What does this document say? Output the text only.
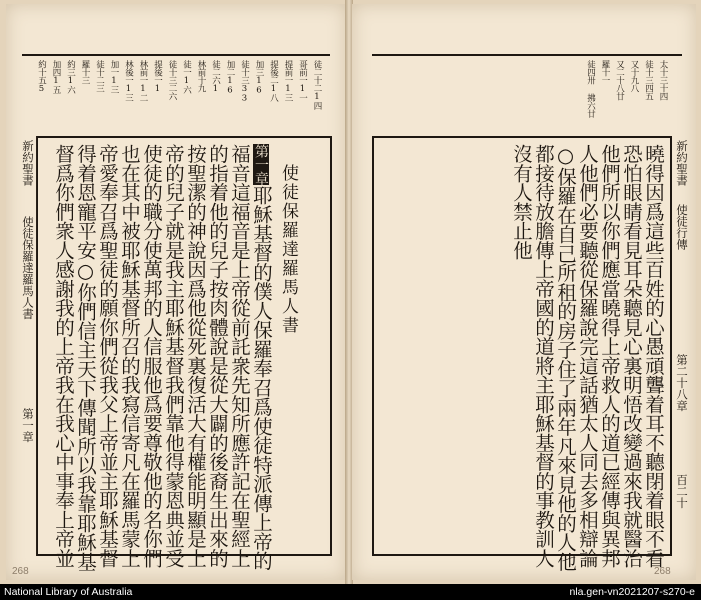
徒二十二1四
哥前一1一
提前一1三
提後二1八
加三16
徒十三33
加二16
徒二六1
林前十九
徒一1六
徒十三二六
提後一1
林前一1二
林後一1三
加一1三
徒十二三
羅十三
約三1六
加四1五
約十五5
使徒保羅達羅馬人書
第一章耶穌基督的僕人保羅奉召爲使徒特派傳上帝的
福音這福音是上帝從前託衆先知所應許記在聖經上
的指着他的兒子按肉體說是從大闢的後裔生出來的
按聖潔的神說因爲他從死裏復活大有權能明顯是上
帝的兒子就是我主耶穌基督我們靠他得蒙恩典並受
使徒的職分使萬邦的人信服他爲要尊敬他的名你們
也在其中被耶穌基督所召的我寫信寄凡在羅馬蒙上
帝愛奉召爲聖徒的願你們從我父上帝並主耶穌基督
得着恩寵平安○你們信主天下傳聞所以我靠耶穌基
督爲你們衆人感謝我的上帝我在我心中事奉上帝並
新約聖書
使徒保羅達羅馬人書
第一章
太十三十四
徒十三四五
又十九八
又二十八廿
羅十一
徒四卅 拂六廿
曉得因爲這些百姓的心愚頑聾着耳不聽閉着眼不看
恐怕眼睛看見耳朵聽見心裏明悟改變過來我就醫治
他們所以你們應當曉得上帝救人的道已經傳與異邦
人他們必要聽從保羅說完這話猶太人同去多相辯論
○保羅在自己所租的房子住了兩年凡來見他的人他
都接待放膽傳上帝國的道將主耶穌基督的事教訓人
沒有人禁止他	新約聖書
使徒行傳
第二十八章
百二十
268	268
National Library of Australia	nla.gen-vn2021207-s270-e
